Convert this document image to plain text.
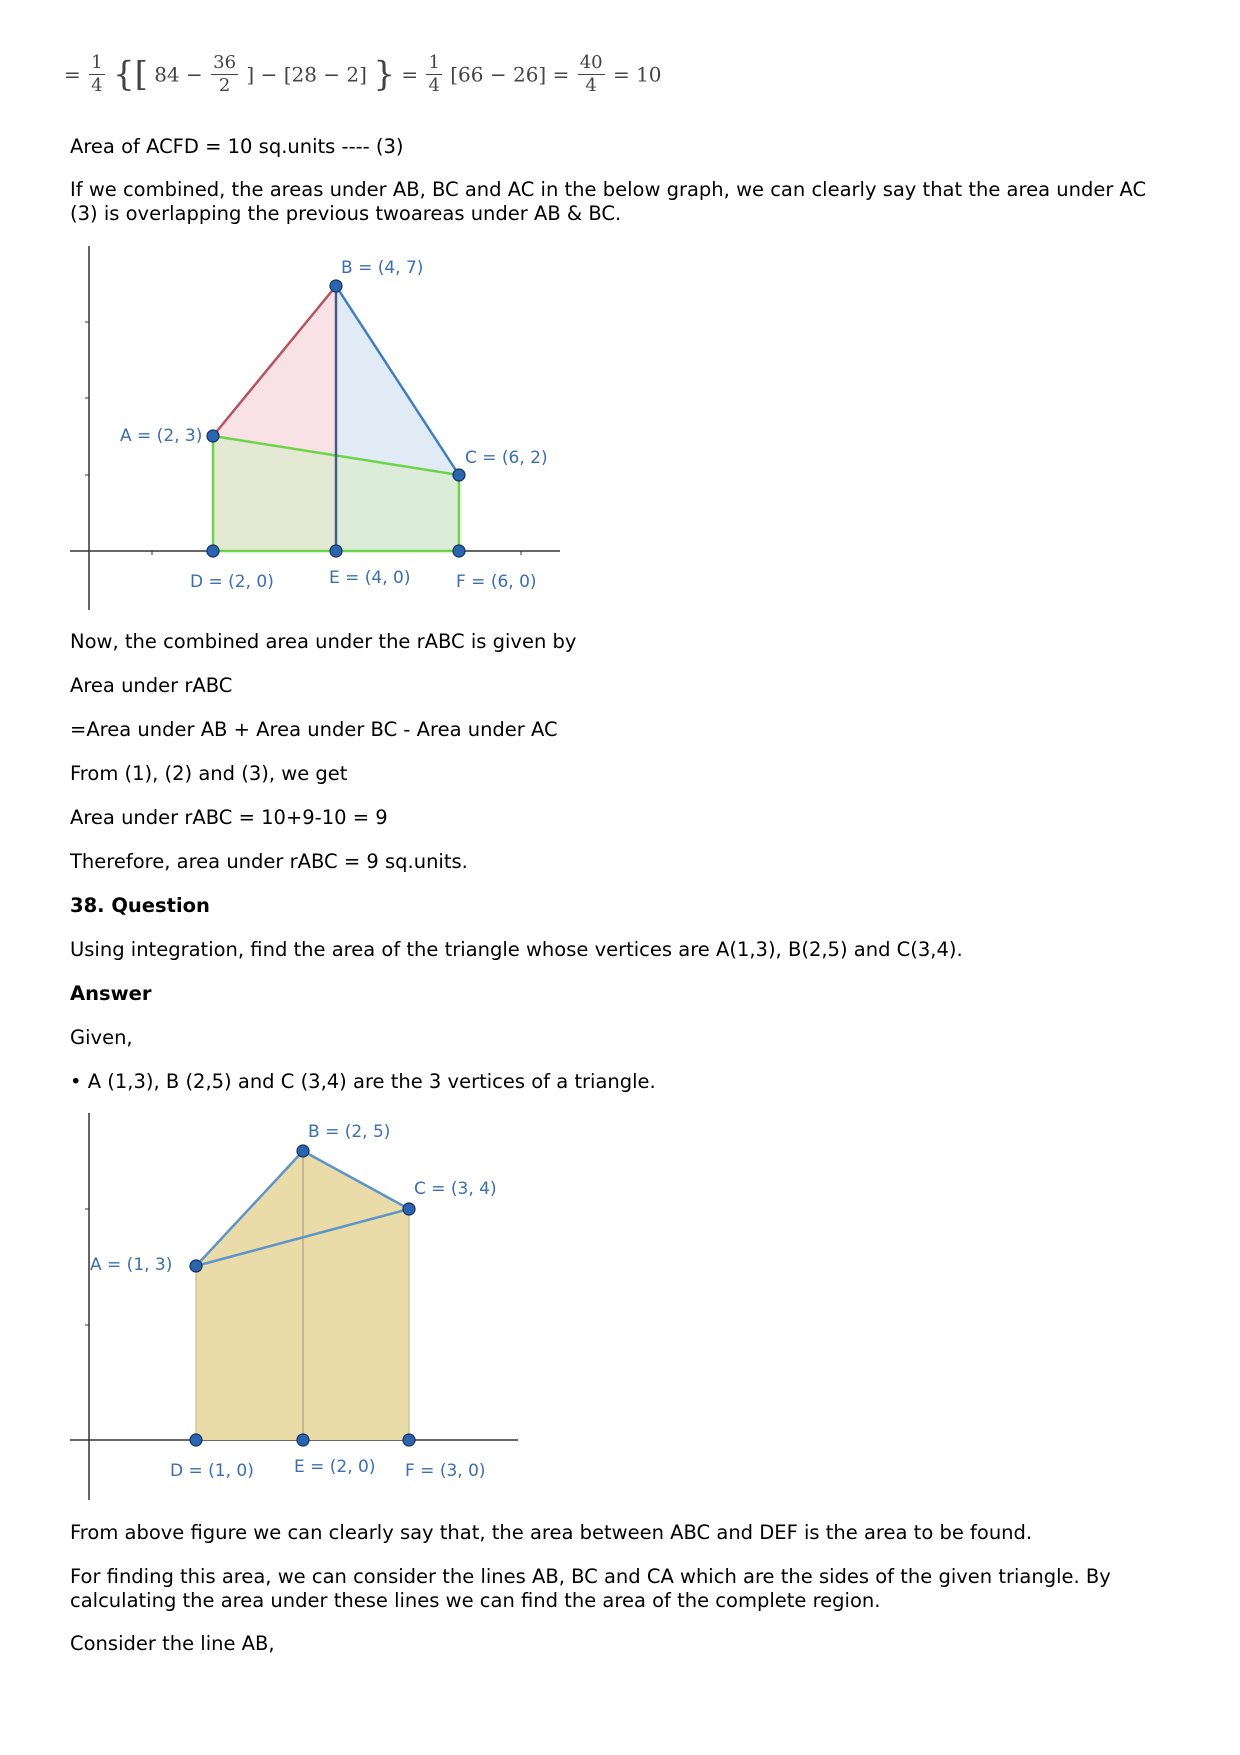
= $\frac{1}{4}$ {[ $84 - \frac{36}{2}$ ] − [28 − 2] } = $\frac{1}{4} [66 - 26] = \frac{40}{4} = 10$

Area of ACFD = 10 sq.units ---- (3)

If we combined, the areas under AB, BC and AC in the below graph, we can clearly say that the area under AC (3) is overlapping the previous twoareas under AB & BC.

A = (2, 3)
B = (4, 7)
C = (6, 2)
D = (2, 0)	E = (4, 0)	F = (6, 0)

Now, the combined area under the rABC is given by

Area under rABC

=Area under AB + Area under BC - Area under AC

From (1), (2) and (3), we get

Area under rABC = 10+9-10 = 9

Therefore, area under rABC = 9 sq.units.

38. Question

Using integration, find the area of the triangle whose vertices are A(1,3), B(2,5) and C(3,4).

Answer

Given,

• A (1,3), B (2,5) and C (3,4) are the 3 vertices of a triangle.

A = (1, 3)
B = (2, 5)
C = (3, 4)
D = (1, 0) E = (2, 0) F = (3, 0)

From above figure we can clearly say that, the area between ABC and DEF is the area to be found.

For finding this area, we can consider the lines AB, BC and CA which are the sides of the given triangle. By calculating the area under these lines we can find the area of the complete region.

Consider the line AB,
